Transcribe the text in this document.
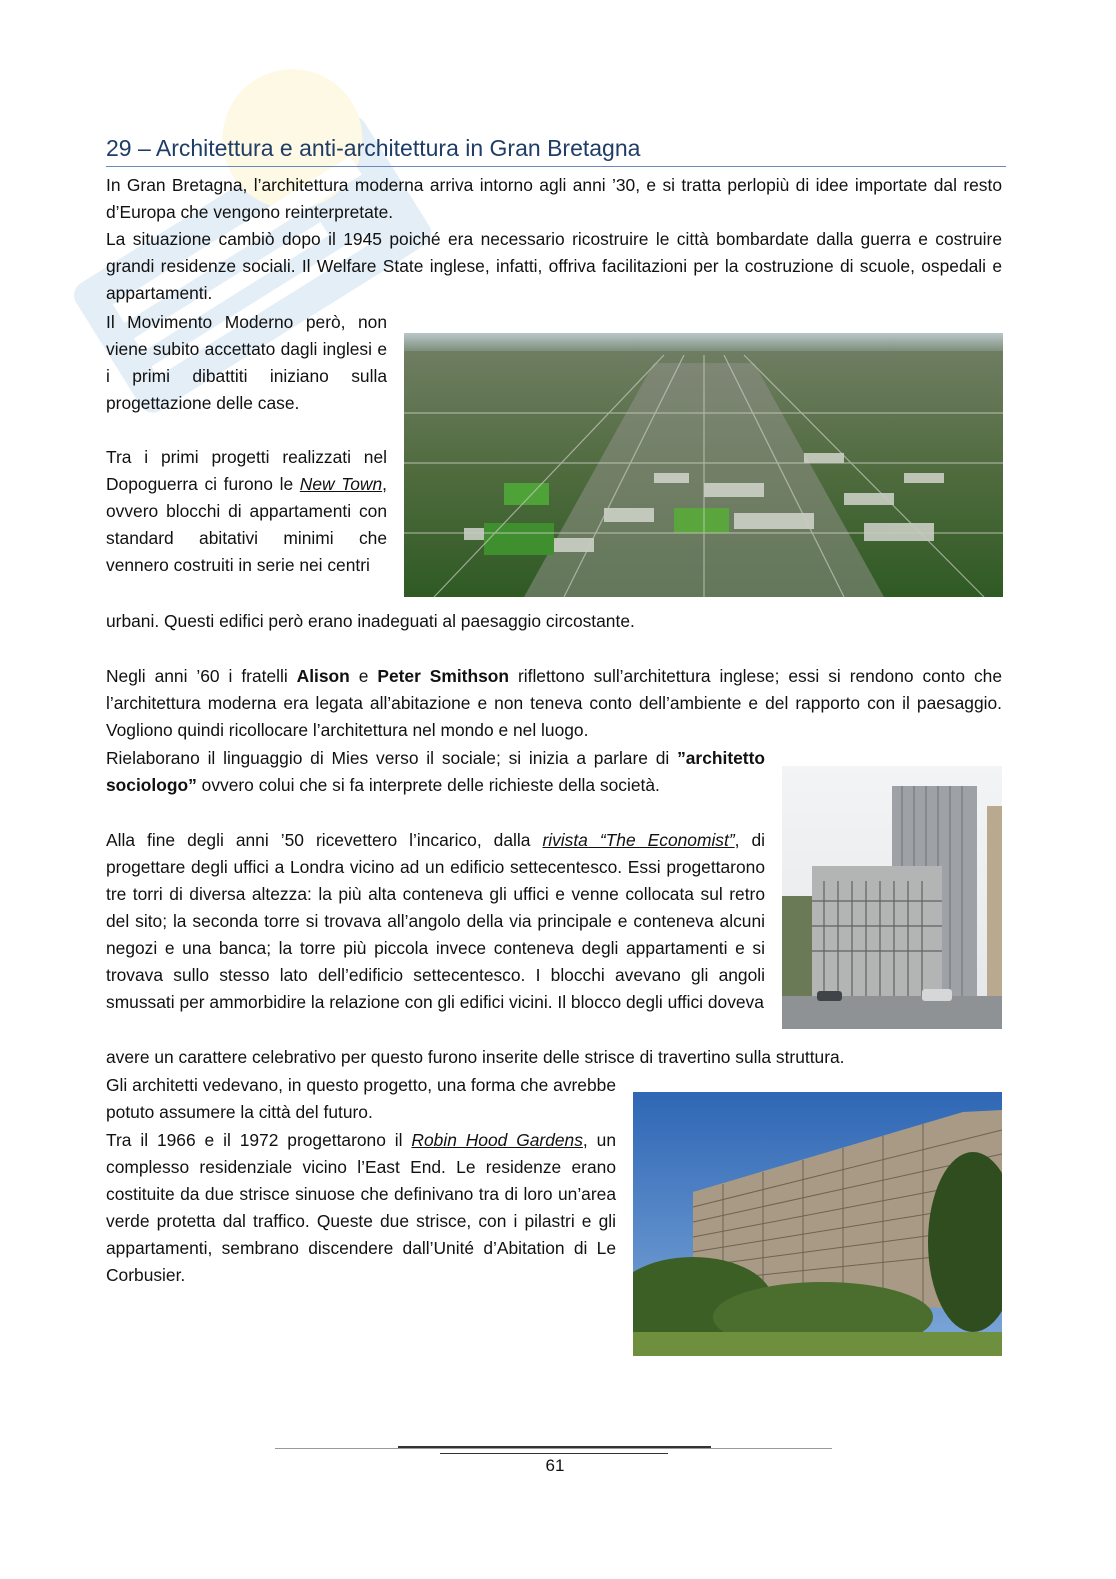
29 – Architettura e anti-architettura in Gran Bretagna

In Gran Bretagna, l’architettura moderna arriva intorno agli anni ’30, e si tratta perlopiù di idee importate dal resto d’Europa che vengono reinterpretate.

La situazione cambiò dopo il 1945 poiché era necessario ricostruire le città bombardate dalla guerra e costruire grandi residenze sociali. Il Welfare State inglese, infatti, offriva facilitazioni per la costruzione di scuole, ospedali e appartamenti.

Il Movimento Moderno però, non viene subito accettato dagli inglesi e i primi dibattiti iniziano sulla progettazione delle case.

Tra i primi progetti realizzati nel Dopoguerra ci furono le New Town, ovvero blocchi di appartamenti con standard abitativi minimi che vennero costruiti in serie nei centri

urbani. Questi edifici però erano inadeguati al paesaggio circostante.

Negli anni ’60 i fratelli Alison e Peter Smithson riflettono sull’architettura inglese; essi si rendono conto che l’architettura moderna era legata all’abitazione e non teneva conto dell’ambiente e del rapporto con il paesaggio. Vogliono quindi ricollocare l’architettura nel mondo e nel luogo.

Rielaborano il linguaggio di Mies verso il sociale; si inizia a parlare di ”architetto sociologo” ovvero colui che si fa interprete delle richieste della società.

Alla fine degli anni ’50 ricevettero l’incarico, dalla rivista “The Economist”, di progettare degli uffici a Londra vicino ad un edificio settecentesco. Essi progettarono tre torri di diversa altezza: la più alta conteneva gli uffici e venne collocata sul retro del sito; la seconda torre si trovava all’angolo della via principale e conteneva alcuni negozi e una banca; la torre più piccola invece conteneva degli appartamenti e si trovava sullo stesso lato dell’edificio settecentesco. I blocchi avevano gli angoli smussati per ammorbidire la relazione con gli edifici vicini. Il blocco degli uffici doveva

avere un carattere celebrativo per questo furono inserite delle strisce di travertino sulla struttura.

Gli architetti vedevano, in questo progetto, una forma che avrebbe potuto assumere la città del futuro.

Tra il 1966 e il 1972 progettarono il Robin Hood Gardens, un complesso residenziale vicino l’East End. Le residenze erano costituite da due strisce sinuose che definivano tra di loro un’area verde protetta dal traffico. Queste due strisce, con i pilastri e gli appartamenti, sembrano discendere dall’Unité d’Abitation di Le Corbusier.

61
